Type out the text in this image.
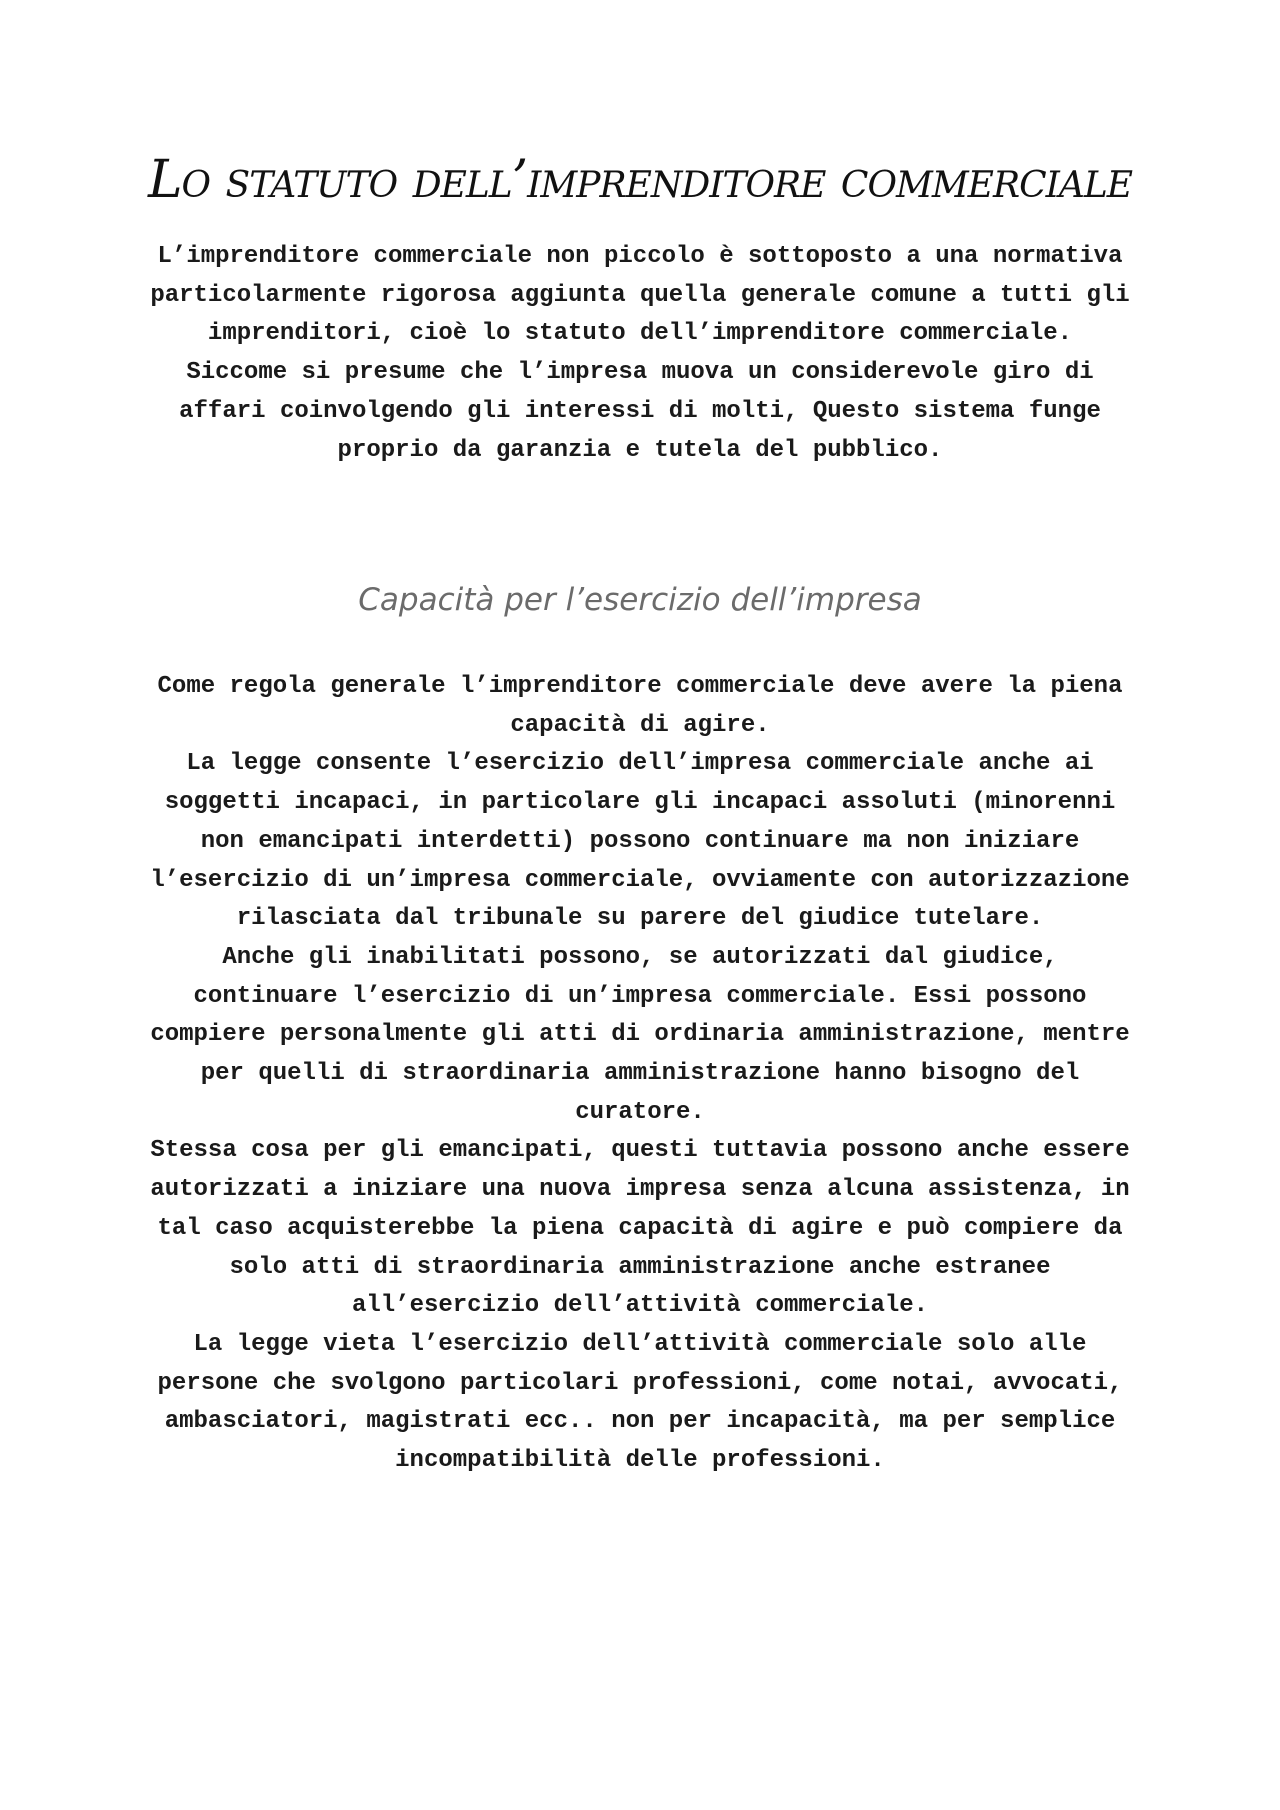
Lo statuto dell’imprenditore commerciale

L’imprenditore commerciale non piccolo è sottoposto a una normativa particolarmente rigorosa aggiunta quella generale comune a tutti gli imprenditori, cioè lo statuto dell’imprenditore commerciale.

Siccome si presume che l’impresa muova un considerevole giro di affari coinvolgendo gli interessi di molti, Questo sistema funge proprio da garanzia e tutela del pubblico.

Capacità per l’esercizio dell’impresa

Come regola generale l’imprenditore commerciale deve avere la piena capacità di agire.

La legge consente l’esercizio dell’impresa commerciale anche ai soggetti incapaci, in particolare gli incapaci assoluti (minorenni non emancipati interdetti) possono continuare ma non iniziare l’esercizio di un’impresa commerciale, ovviamente con autorizzazione rilasciata dal tribunale su parere del giudice tutelare.

Anche gli inabilitati possono, se autorizzati dal giudice, continuare l’esercizio di un’impresa commerciale. Essi possono compiere personalmente gli atti di ordinaria amministrazione, mentre per quelli di straordinaria amministrazione hanno bisogno del curatore.

Stessa cosa per gli emancipati, questi tuttavia possono anche essere autorizzati a iniziare una nuova impresa senza alcuna assistenza, in tal caso acquisterebbe la piena capacità di agire e può compiere da solo atti di straordinaria amministrazione anche estranee all’esercizio dell’attività commerciale.

La legge vieta l’esercizio dell’attività commerciale solo alle persone che svolgono particolari professioni, come notai, avvocati, ambasciatori, magistrati ecc.. non per incapacità, ma per semplice incompatibilità delle professioni.
